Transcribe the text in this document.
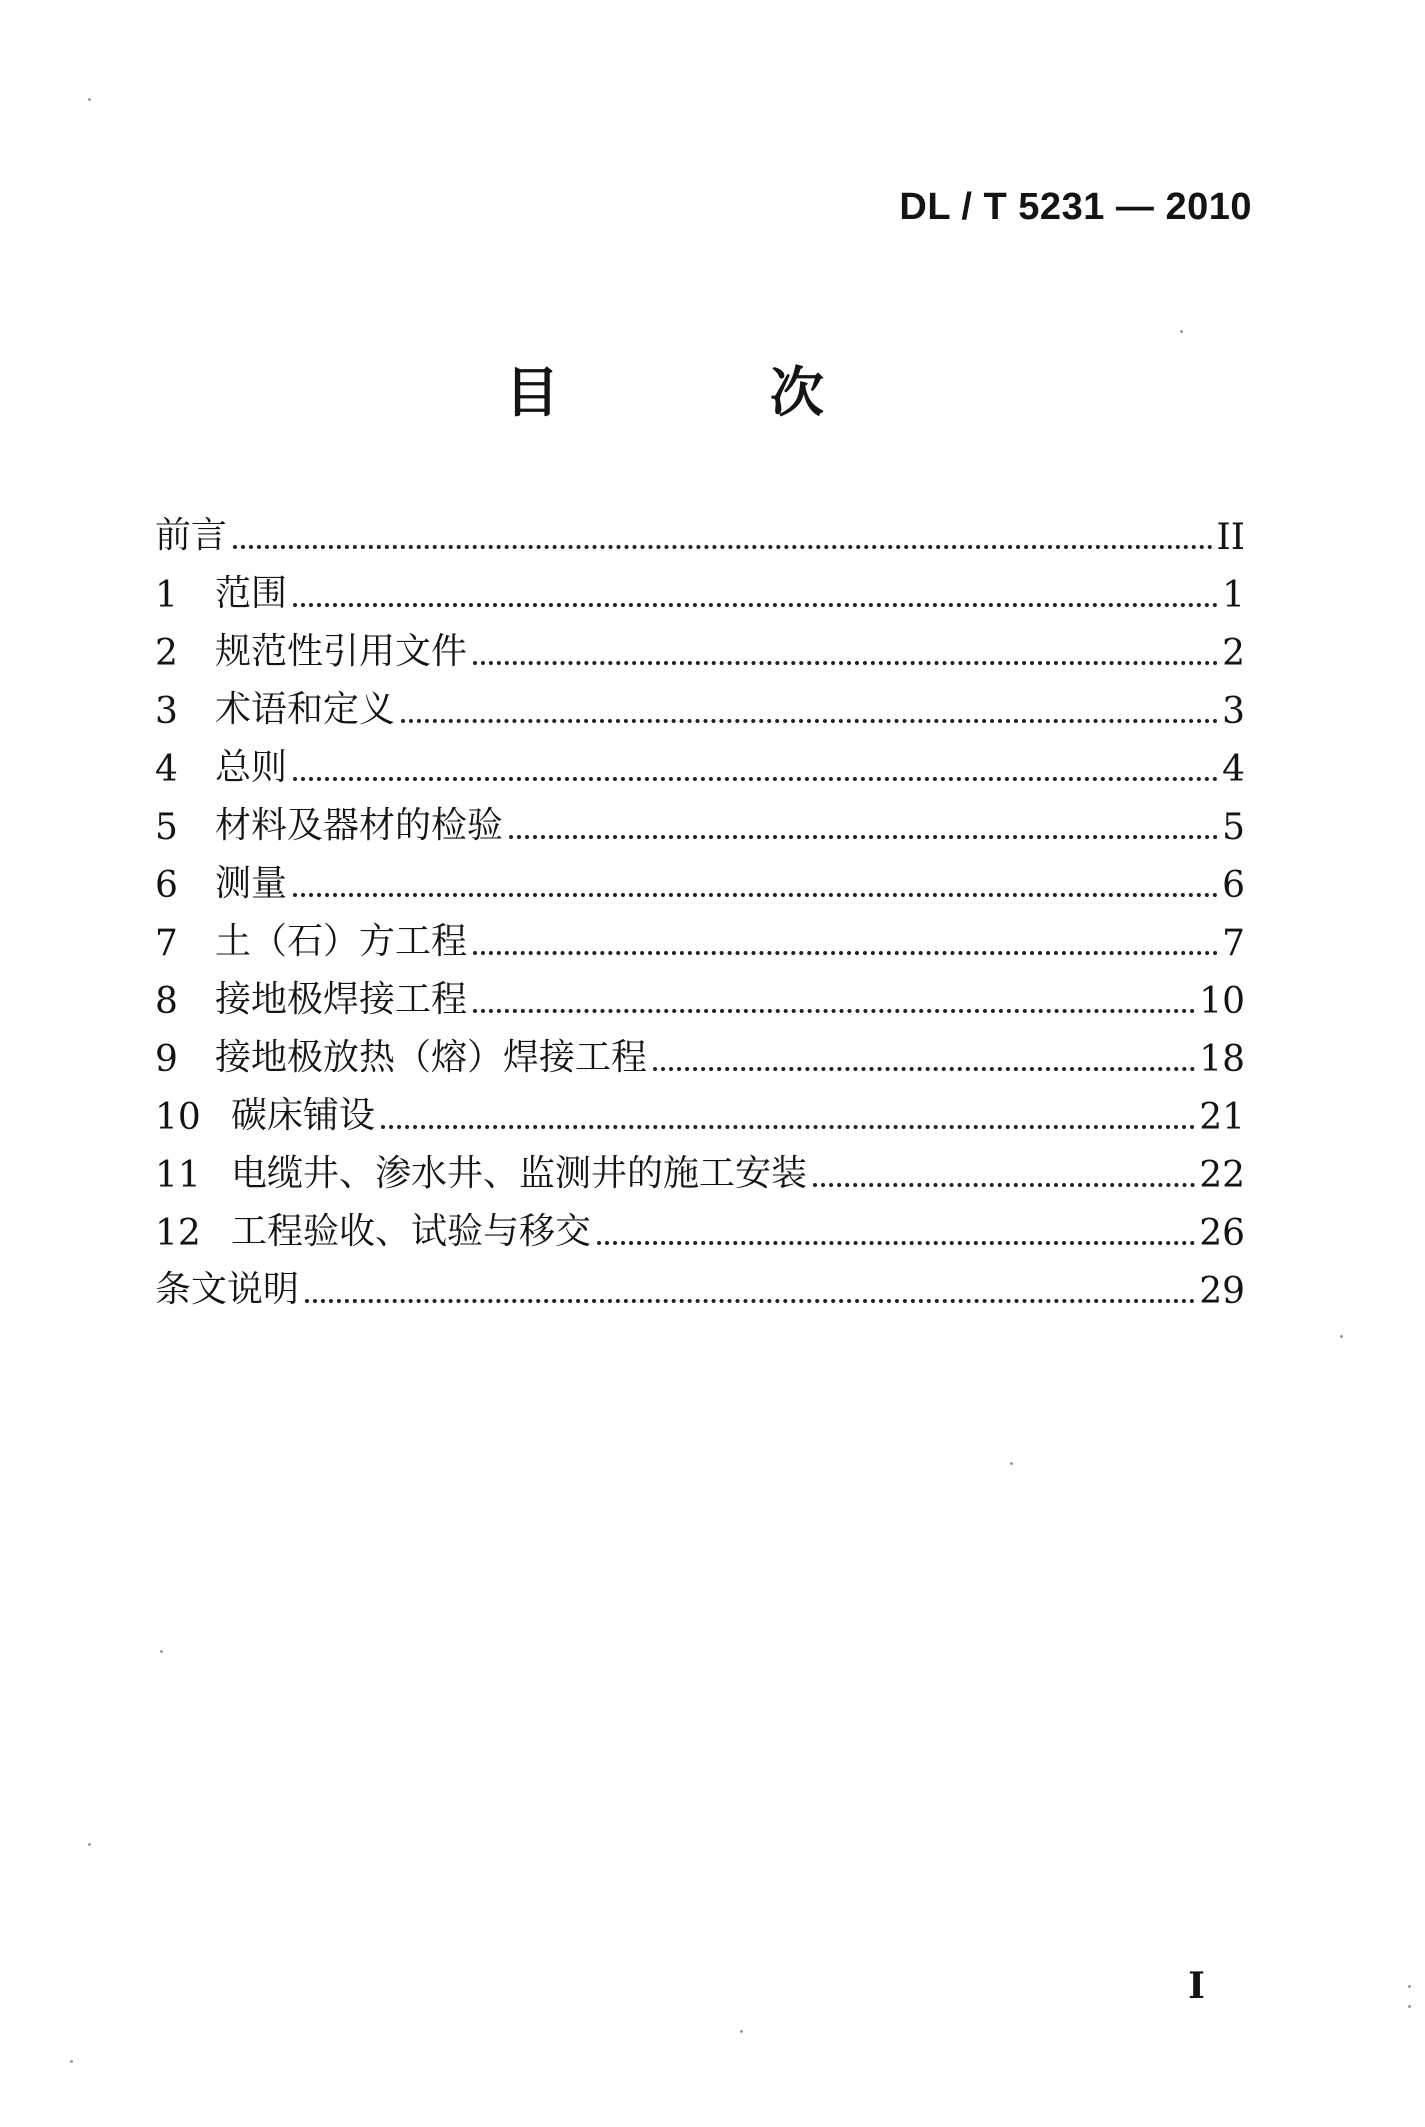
DL / T 5231 — 2010
目 次
前言	II
1	范围	1
2	规范性引用文件	2
3	术语和定义	3
4	总则	4
5	材料及器材的检验	5
6	测量	6
7	土（石）方工程	7
8	接地极焊接工程	10
9	接地极放热（熔）焊接工程	18
10 碳床铺设	21
11 电缆井、渗水井、监测井的施工安装	22
12 工程验收、试验与移交	26
条文说明	29
I
